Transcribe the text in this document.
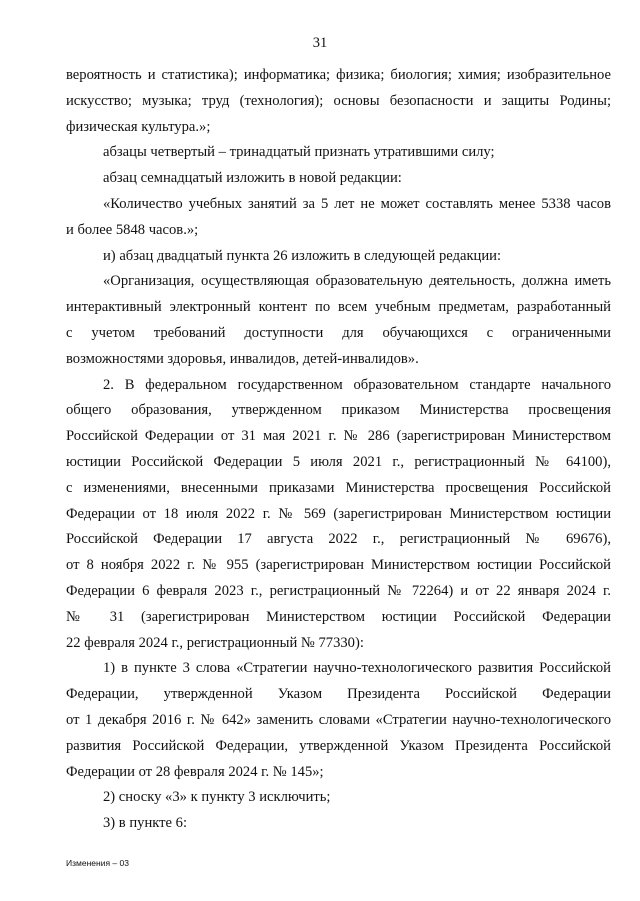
31
вероятность и статистика); информатика; физика; биология; химия; изобразительное
искусство; музыка; труд (технология); основы безопасности и защиты Родины;
физическая культура.»;
абзацы четвертый – тринадцатый признать утратившими силу;
абзац семнадцатый изложить в новой редакции:
«Количество учебных занятий за 5 лет не может составлять менее 5338 часов
и более 5848 часов.»;
и) абзац двадцатый пункта 26 изложить в следующей редакции:
«Организация, осуществляющая образовательную деятельность, должна иметь
интерактивный электронный контент по всем учебным предметам, разработанный
с учетом требований доступности для обучающихся с ограниченными
возможностями здоровья, инвалидов, детей-инвалидов».
2. В федеральном государственном образовательном стандарте начального
общего образования, утвержденном приказом Министерства просвещения
Российской Федерации от 31 мая 2021 г. № 286 (зарегистрирован Министерством
юстиции Российской Федерации 5 июля 2021 г., регистрационный № 64100),
с изменениями, внесенными приказами Министерства просвещения Российской
Федерации от 18 июля 2022 г. № 569 (зарегистрирован Министерством юстиции
Российской Федерации 17 августа 2022 г., регистрационный № 69676),
от 8 ноября 2022 г. № 955 (зарегистрирован Министерством юстиции Российской
Федерации 6 февраля 2023 г., регистрационный № 72264) и от 22 января 2024 г.
№ 31 (зарегистрирован Министерством юстиции Российской Федерации
22 февраля 2024 г., регистрационный № 77330):
1) в пункте 3 слова «Стратегии научно-технологического развития Российской
Федерации, утвержденной Указом Президента Российской Федерации
от 1 декабря 2016 г. № 642» заменить словами «Стратегии научно-технологического
развития Российской Федерации, утвержденной Указом Президента Российской
Федерации от 28 февраля 2024 г. № 145»;
2) сноску «3» к пункту 3 исключить;
3) в пункте 6:
Изменения – 03
